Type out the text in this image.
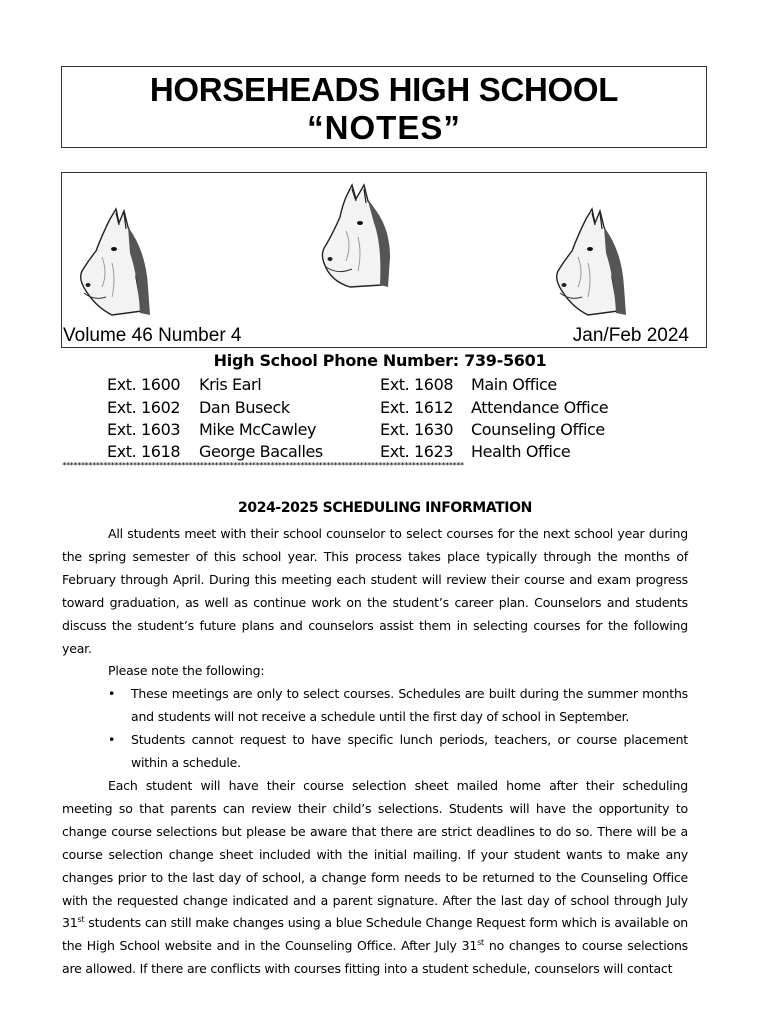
HORSEHEADS HIGH SCHOOL
“NOTES”
Volume 46 Number 4	Jan/Feb 2024
High School Phone Number: 739-5601
Ext. 1600 Kris Earl	Ext. 1608 Main Office
Ext. 1602 Dan Buseck	Ext. 1612 Attendance Office
Ext. 1603 Mike McCawley	Ext. 1630 Counseling Office
Ext. 1618 George Bacalles	Ext. 1623 Health Office
************************************************************************************************************
2024-2025 SCHEDULING INFORMATION

All students meet with their school counselor to select courses for the next school year during the spring semester of this school year. This process takes place typically through the months of February through April. During this meeting each student will review their course and exam progress toward graduation, as well as continue work on the student’s career plan. Counselors and students discuss the student’s future plans and counselors assist them in selecting courses for the following year.

Please note the following:

• These meetings are only to select courses. Schedules are built during the summer months and students will not receive a schedule until the first day of school in September.
• Students cannot request to have specific lunch periods, teachers, or course placement within a schedule.

Each student will have their course selection sheet mailed home after their scheduling meeting so that parents can review their child’s selections. Students will have the opportunity to change course selections but please be aware that there are strict deadlines to do so. There will be a course selection change sheet included with the initial mailing. If your student wants to make any changes prior to the last day of school, a change form needs to be returned to the Counseling Office with the requested change indicated and a parent signature. After the last day of school through July 31st students can still make changes using a blue Schedule Change Request form which is available on the High School website and in the Counseling Office. After July 31st no changes to course selections are allowed. If there are conflicts with courses fitting into a student schedule, counselors will contact
